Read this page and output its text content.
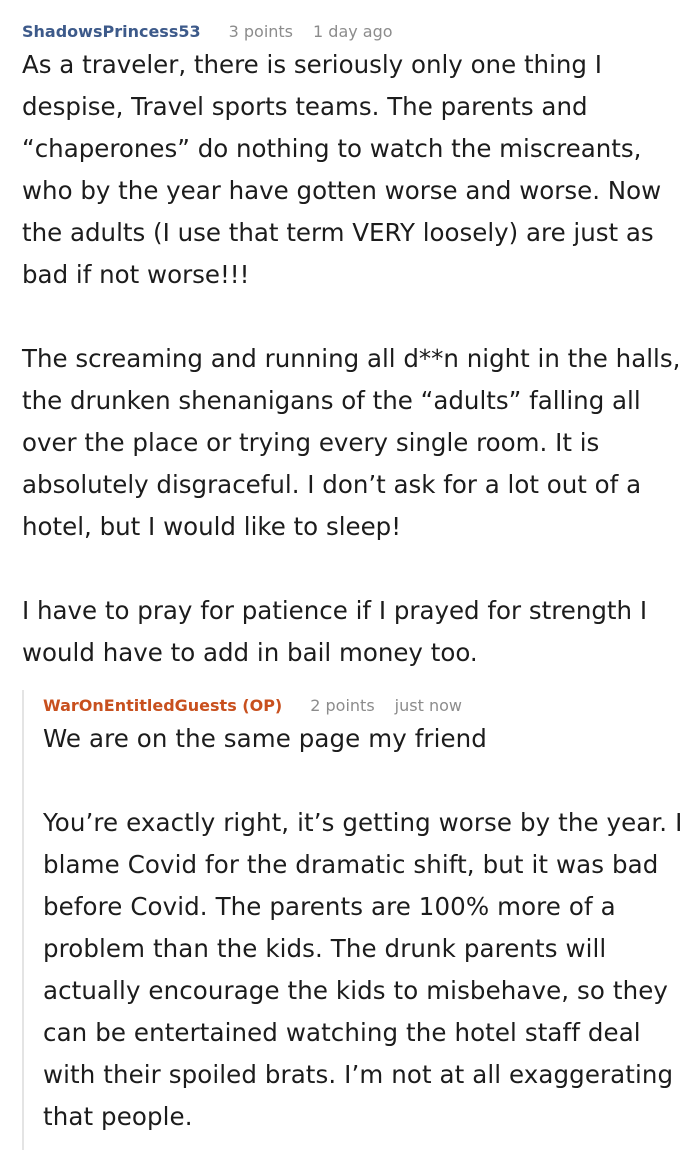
ShadowsPrincess53 3 points 1 day ago

As a traveler, there is seriously only one thing I despise, Travel sports teams. The parents and “chaperones” do nothing to watch the miscreants, who by the year have gotten worse and worse. Now the adults (I use that term VERY loosely) are just as bad if not worse!!!

The screaming and running all d**n night in the halls, the drunken shenanigans of the “adults” falling all over the place or trying every single room. It is absolutely disgraceful. I don’t ask for a lot out of a hotel, but I would like to sleep!

I have to pray for patience if I prayed for strength I would have to add in bail money too.

WarOnEntitledGuests (OP) 2 points just now

We are on the same page my friend

You’re exactly right, it’s getting worse by the year. I blame Covid for the dramatic shift, but it was bad before Covid. The parents are 100% more of a problem than the kids. The drunk parents will actually encourage the kids to misbehave, so they can be entertained watching the hotel staff deal with their spoiled brats. I’m not at all exaggerating that people.
